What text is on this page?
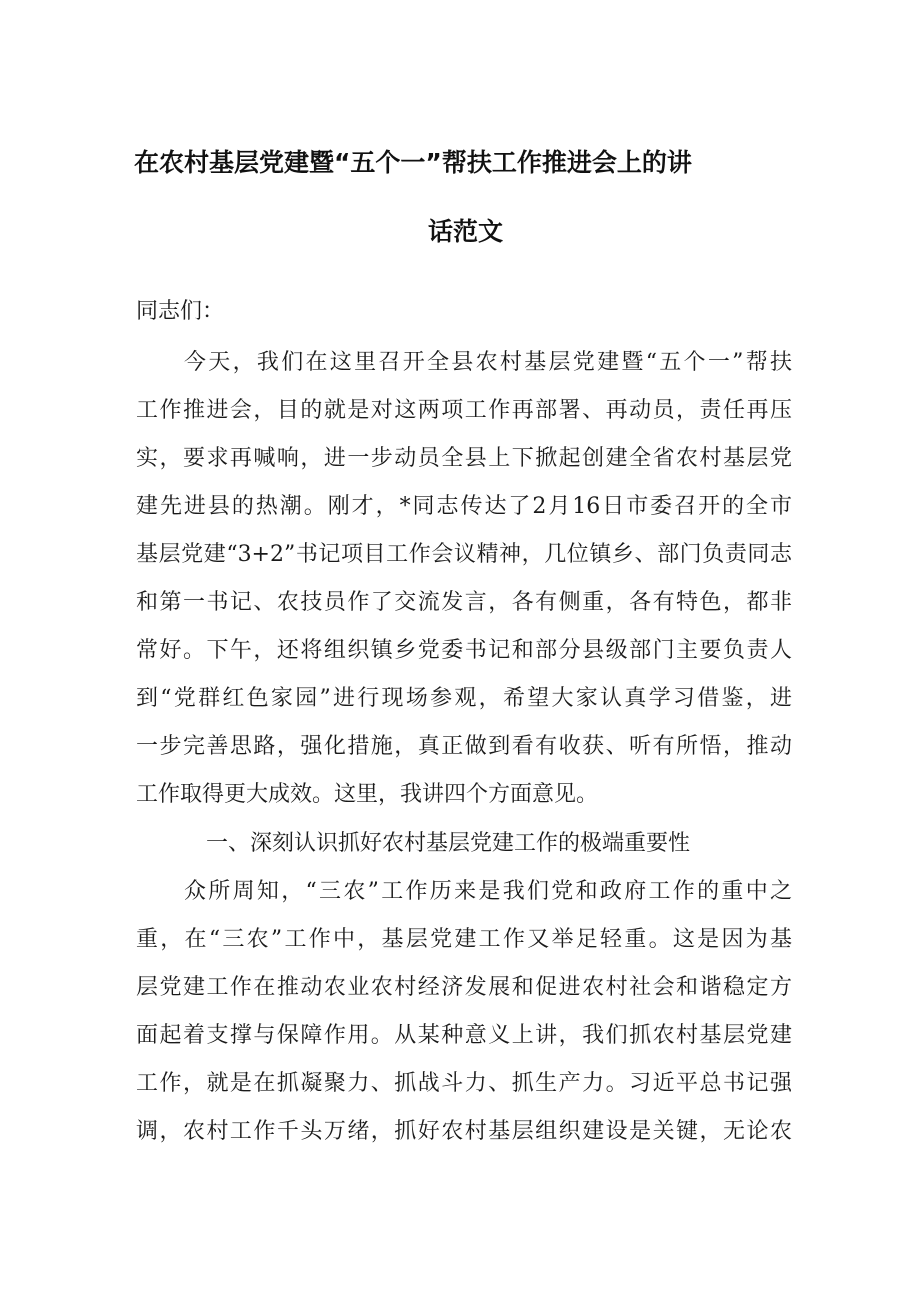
在农村基层党建暨“五个一”帮扶工作推进会上的讲
话范文
同志们：
今天，我们在这里召开全县农村基层党建暨“五个一”帮扶
工作推进会，目的就是对这两项工作再部署、再动员，责任再压
实，要求再喊响，进一步动员全县上下掀起创建全省农村基层党
建先进县的热潮。刚才，*同志传达了2月16日市委召开的全市
基层党建“3+2”书记项目工作会议精神，几位镇乡、部门负责同志
和第一书记、农技员作了交流发言，各有侧重，各有特色，都非
常好。下午，还将组织镇乡党委书记和部分县级部门主要负责人
到“党群红色家园”进行现场参观，希望大家认真学习借鉴，进
一步完善思路，强化措施，真正做到看有收获、听有所悟，推动
工作取得更大成效。这里，我讲四个方面意见。
一、深刻认识抓好农村基层党建工作的极端重要性
众所周知，“三农”工作历来是我们党和政府工作的重中之
重，在“三农”工作中，基层党建工作又举足轻重。这是因为基
层党建工作在推动农业农村经济发展和促进农村社会和谐稳定方
面起着支撑与保障作用。从某种意义上讲，我们抓农村基层党建
工作，就是在抓凝聚力、抓战斗力、抓生产力。习近平总书记强
调，农村工作千头万绪，抓好农村基层组织建设是关键，无论农
